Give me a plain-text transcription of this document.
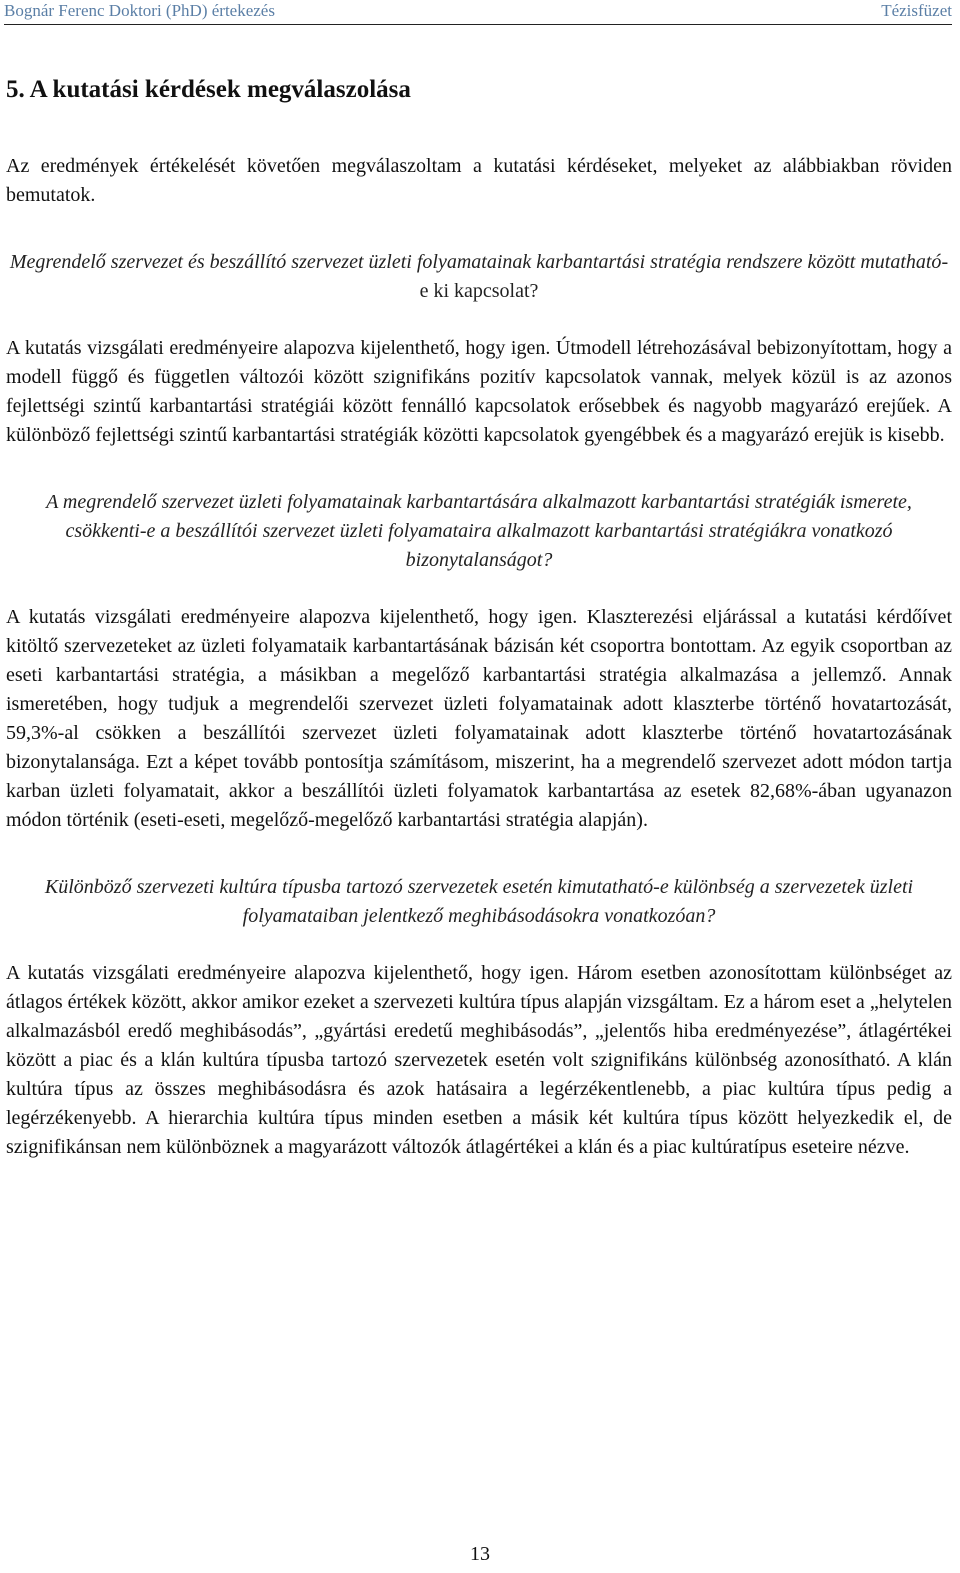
Bognár Ferenc Doktori (PhD) értekezés	Tézisfüzet
5. A kutatási kérdések megválaszolása

Az eredmények értékelését követően megválaszoltam a kutatási kérdéseket, melyeket az alábbiakban röviden bemutatok.

Megrendelő szervezet és beszállító szervezet üzleti folyamatainak karbantartási stratégia rendszere között mutatható-e ki kapcsolat?

A kutatás vizsgálati eredményeire alapozva kijelenthető, hogy igen. Útmodell létrehozásával bebizonyítottam, hogy a modell függő és független változói között szignifikáns pozitív kapcsolatok vannak, melyek közül is az azonos fejlettségi szintű karbantartási stratégiái között fennálló kapcsolatok erősebbek és nagyobb magyarázó erejűek. A különböző fejlettségi szintű karbantartási stratégiák közötti kapcsolatok gyengébbek és a magyarázó erejük is kisebb.

A megrendelő szervezet üzleti folyamatainak karbantartására alkalmazott karbantartási stratégiák ismerete, csökkenti-e a beszállítói szervezet üzleti folyamataira alkalmazott karbantartási stratégiákra vonatkozó bizonytalanságot?

A kutatás vizsgálati eredményeire alapozva kijelenthető, hogy igen. Klaszterezési eljárással a kutatási kérdőívet kitöltő szervezeteket az üzleti folyamataik karbantartásának bázisán két csoportra bontottam. Az egyik csoportban az eseti karbantartási stratégia, a másikban a megelőző karbantartási stratégia alkalmazása a jellemző. Annak ismeretében, hogy tudjuk a megrendelői szervezet üzleti folyamatainak adott klaszterbe történő hovatartozását, 59,3%-al csökken a beszállítói szervezet üzleti folyamatainak adott klaszterbe történő hovatartozásának bizonytalansága. Ezt a képet tovább pontosítja számításom, miszerint, ha a megrendelő szervezet adott módon tartja karban üzleti folyamatait, akkor a beszállítói üzleti folyamatok karbantartása az esetek 82,68%-ában ugyanazon módon történik (eseti-eseti, megelőző-megelőző karbantartási stratégia alapján).

Különböző szervezeti kultúra típusba tartozó szervezetek esetén kimutatható-e különbség a szervezetek üzleti folyamataiban jelentkező meghibásodásokra vonatkozóan?

A kutatás vizsgálati eredményeire alapozva kijelenthető, hogy igen. Három esetben azonosítottam különbséget az átlagos értékek között, akkor amikor ezeket a szervezeti kultúra típus alapján vizsgáltam. Ez a három eset a „helytelen alkalmazásból eredő meghibásodás”, „gyártási eredetű meghibásodás”, „jelentős hiba eredményezése”, átlagértékei között a piac és a klán kultúra típusba tartozó szervezetek esetén volt szignifikáns különbség azonosítható. A klán kultúra típus az összes meghibásodásra és azok hatásaira a legérzékentlenebb, a piac kultúra típus pedig a legérzékenyebb. A hierarchia kultúra típus minden esetben a másik két kultúra típus között helyezkedik el, de szignifikánsan nem különböznek a magyarázott változók átlagértékei a klán és a piac kultúratípus eseteire nézve.

13
